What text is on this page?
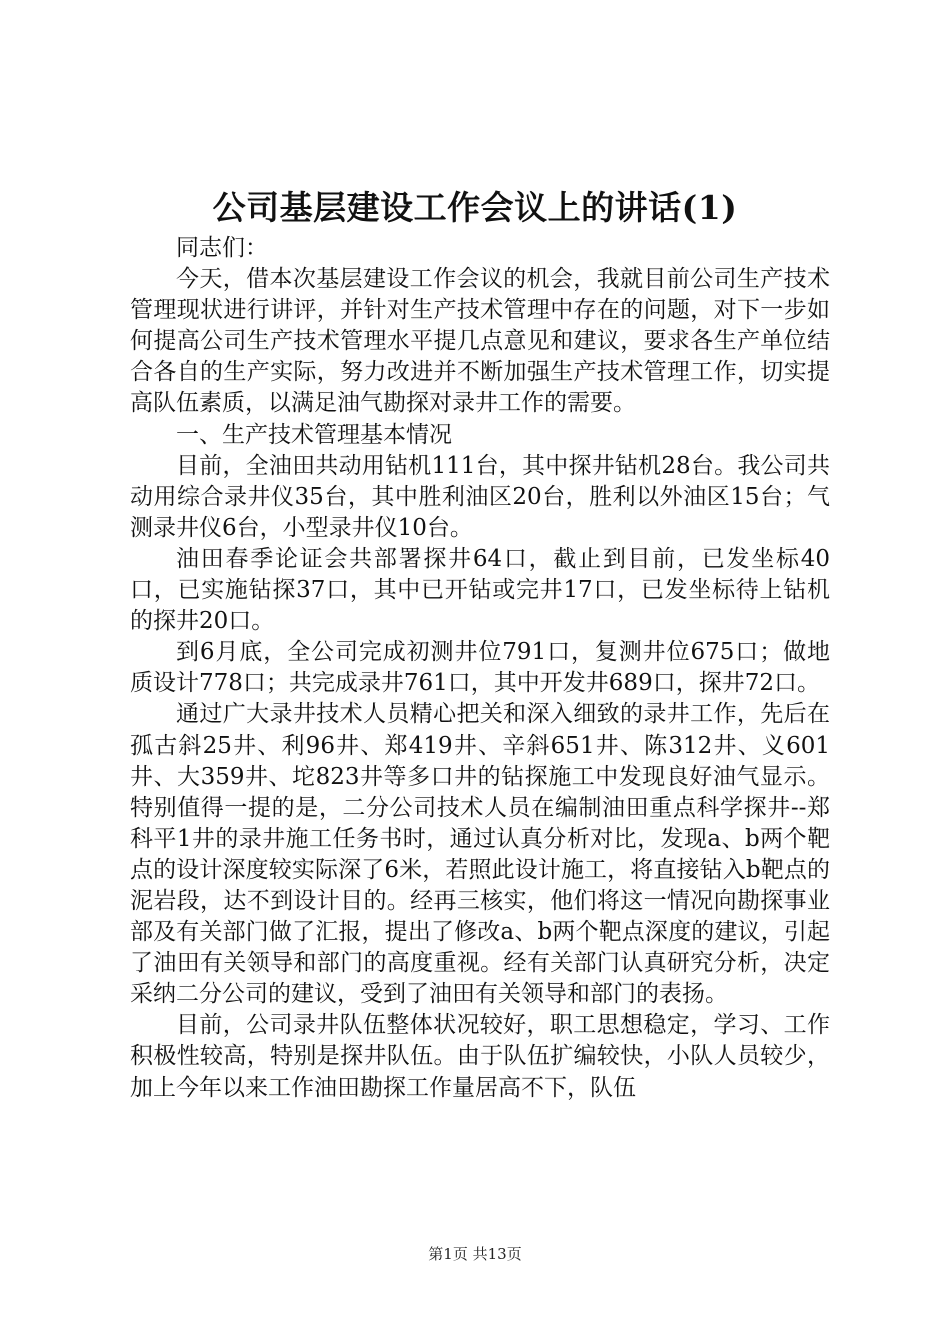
公司基层建设工作会议上的讲话(1)

同志们：

今天，借本次基层建设工作会议的机会，我就目前公司生产技术管理现状进行讲评，并针对生产技术管理中存在的问题，对下一步如何提高公司生产技术管理水平提几点意见和建议，要求各生产单位结合各自的生产实际，努力改进并不断加强生产技术管理工作，切实提高队伍素质，以满足油气勘探对录井工作的需要。

一、生产技术管理基本情况

目前，全油田共动用钻机111台，其中探井钻机28台。我公司共动用综合录井仪35台，其中胜利油区20台，胜利以外油区15台；气测录井仪6台，小型录井仪10台。

油田春季论证会共部署探井64口，截止到目前，已发坐标40口，已实施钻探37口，其中已开钻或完井17口，已发坐标待上钻机的探井20口。

到6月底，全公司完成初测井位791口，复测井位675口；做地质设计778口；共完成录井761口，其中开发井689口，探井72口。

通过广大录井技术人员精心把关和深入细致的录井工作，先后在孤古斜25井、利96井、郑419井、辛斜651井、陈312井、义601井、大359井、坨823井等多口井的钻探施工中发现良好油气显示。特别值得一提的是，二分公司技术人员在编制油田重点科学探井--郑科平1井的录井施工任务书时，通过认真分析对比，发现a、b两个靶点的设计深度较实际深了6米，若照此设计施工，将直接钻入b靶点的泥岩段，达不到设计目的。经再三核实，他们将这一情况向勘探事业部及有关部门做了汇报，提出了修改a、b两个靶点深度的建议，引起了油田有关领导和部门的高度重视。经有关部门认真研究分析，决定采纳二分公司的建议，受到了油田有关领导和部门的表扬。

目前，公司录井队伍整体状况较好，职工思想稳定，学习、工作积极性较高，特别是探井队伍。由于队伍扩编较快，小队人员较少，加上今年以来工作油田勘探工作量居高不下，队伍

第1页 共13页
